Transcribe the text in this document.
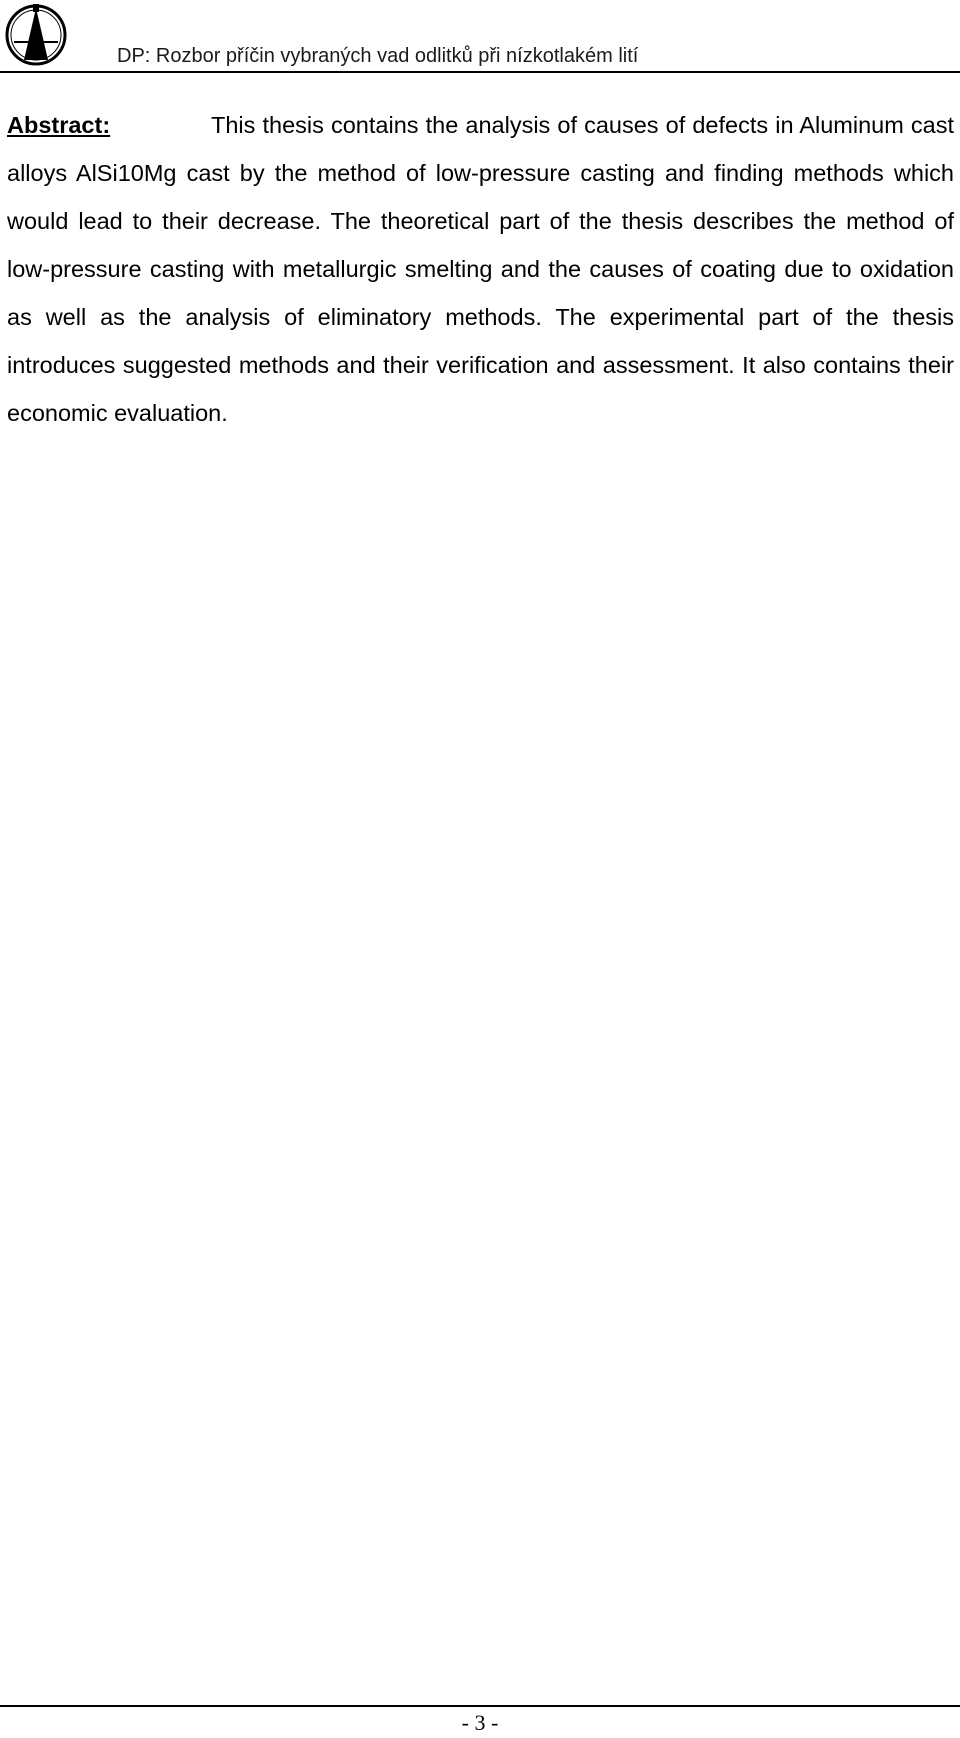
DP: Rozbor příčin vybraných vad odlitků při nízkotlakém lití
Abstract:	This thesis contains the analysis of causes of defects in Aluminum cast alloys AlSi10Mg cast by the method of low-pressure casting and finding methods which would lead to their decrease. The theoretical part of the thesis describes the method of low-pressure casting with metallurgic smelting and the causes of coating due to oxidation as well as the analysis of eliminatory methods. The experimental part of the thesis introduces suggested methods and their verification and assessment. It also contains their economic evaluation.
- 3 -
